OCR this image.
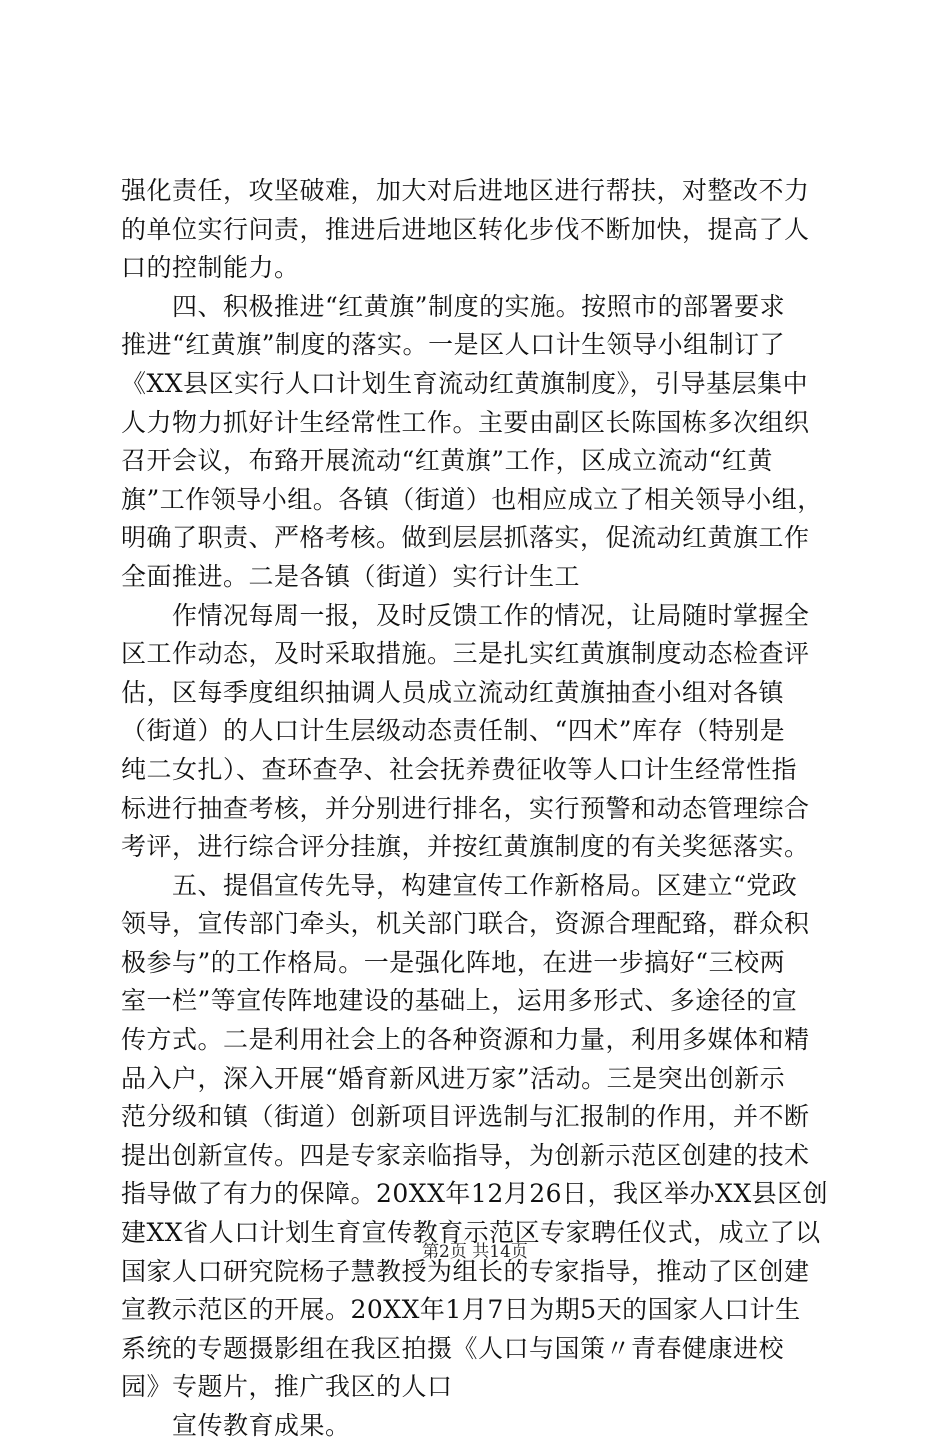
强化责任，攻坚破难，加大对后进地区进行帮扶，对整改不力
的单位实行问责，推进后进地区转化步伐不断加快，提高了人
口的控制能力。
　　四、积极推进“红黄旗”制度的实施。按照市的部署要求
推进“红黄旗”制度的落实。一是区人口计生领导小组制订了
《XX县区实行人口计划生育流动红黄旗制度》，引导基层集中
人力物力抓好计生经常性工作。主要由副区长陈国栋多次组织
召开会议，布臵开展流动“红黄旗”工作，区成立流动“红黄
旗”工作领导小组。各镇（街道）也相应成立了相关领导小组，
明确了职责、严格考核。做到层层抓落实，促流动红黄旗工作
全面推进。二是各镇（街道）实行计生工
　　作情况每周一报，及时反馈工作的情况，让局随时掌握全
区工作动态，及时采取措施。三是扎实红黄旗制度动态检查评
估，区每季度组织抽调人员成立流动红黄旗抽查小组对各镇
（街道）的人口计生层级动态责任制、“四术”库存（特别是
纯二女扎）、查环查孕、社会抚养费征收等人口计生经常性指
标进行抽查考核，并分别进行排名，实行预警和动态管理综合
考评，进行综合评分挂旗，并按红黄旗制度的有关奖惩落实。
　　五、提倡宣传先导，构建宣传工作新格局。区建立“党政
领导，宣传部门牵头，机关部门联合，资源合理配臵，群众积
极参与”的工作格局。一是强化阵地，在进一步搞好“三校两
室一栏”等宣传阵地建设的基础上，运用多形式、多途径的宣
传方式。二是利用社会上的各种资源和力量，利用多媒体和精
品入户，深入开展“婚育新风进万家”活动。三是突出创新示
范分级和镇（街道）创新项目评选制与汇报制的作用，并不断
提出创新宣传。四是专家亲临指导，为创新示范区创建的技术
指导做了有力的保障。20XX年12月26日，我区举办XX县区创
建XX省人口计划生育宣传教育示范区专家聘任仪式，成立了以
国家人口研究院杨子慧教授为组长的专家指导，推动了区创建
宣教示范区的开展。20XX年1月7日为期5天的国家人口计生
系统的专题摄影组在我区拍摄《人口与国策〃青春健康进校
园》专题片，推广我区的人口
　　宣传教育成果。
第2页 共14页
